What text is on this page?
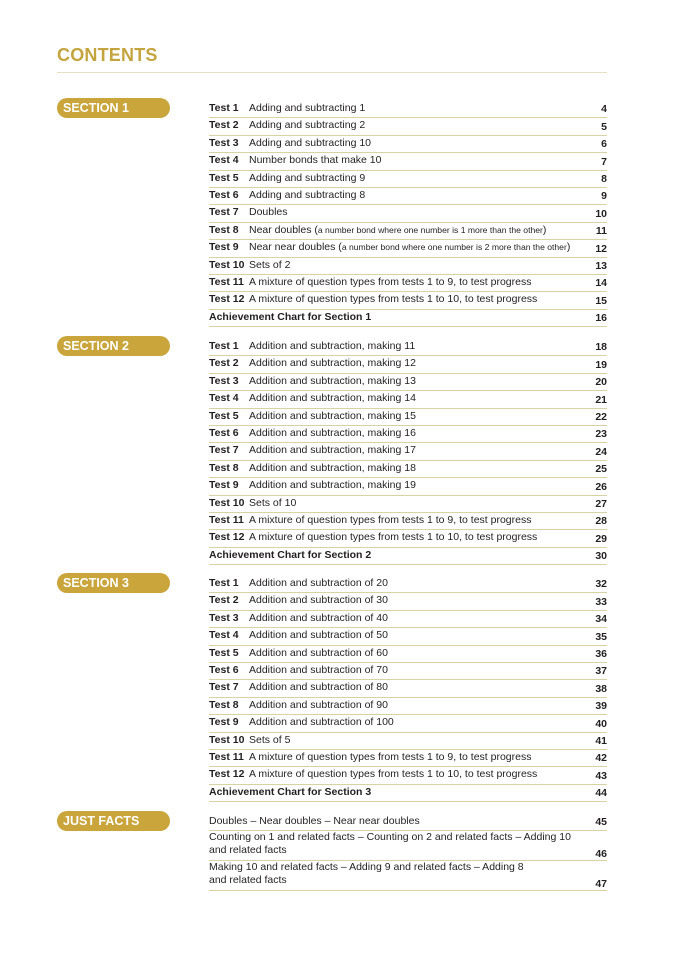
CONTENTS
SECTION 1	Test 1 Adding and subtracting 1	4
Test 2 Adding and subtracting 2	5
Test 3 Adding and subtracting 10	6
Test 4 Number bonds that make 10	7
Test 5 Adding and subtracting 9	8
Test 6 Adding and subtracting 8	9
Test 7 Doubles	10
Test 8 Near doubles (a number bond where one number is 1 more than the other)	11
Test 9 Near near doubles (a number bond where one number is 2 more than the other)	12
Test 10 Sets of 2	13
Test 11 A mixture of question types from tests 1 to 9, to test progress	14
Test 12 A mixture of question types from tests 1 to 10, to test progress	15
Achievement Chart for Section 1	16
SECTION 2	Test 1 Addition and subtraction, making 11	18
Test 2 Addition and subtraction, making 12	19
Test 3 Addition and subtraction, making 13	20
Test 4 Addition and subtraction, making 14	21
Test 5 Addition and subtraction, making 15	22
Test 6 Addition and subtraction, making 16	23
Test 7 Addition and subtraction, making 17	24
Test 8 Addition and subtraction, making 18	25
Test 9 Addition and subtraction, making 19	26
Test 10 Sets of 10	27
Test 11 A mixture of question types from tests 1 to 9, to test progress	28
Test 12 A mixture of question types from tests 1 to 10, to test progress	29
Achievement Chart for Section 2	30
SECTION 3	Test 1 Addition and subtraction of 20	32
Test 2 Addition and subtraction of 30	33
Test 3 Addition and subtraction of 40	34
Test 4 Addition and subtraction of 50	35
Test 5 Addition and subtraction of 60	36
Test 6 Addition and subtraction of 70	37
Test 7 Addition and subtraction of 80	38
Test 8 Addition and subtraction of 90	39
Test 9 Addition and subtraction of 100	40
Test 10 Sets of 5	41
Test 11 A mixture of question types from tests 1 to 9, to test progress	42
Test 12 A mixture of question types from tests 1 to 10, to test progress	43
Achievement Chart for Section 3	44
JUST FACTS	Doubles – Near doubles – Near near doubles	45
Counting on 1 and related facts – Counting on 2 and related facts – Adding 10
and related facts	46
Making 10 and related facts – Adding 9 and related facts – Adding 8
and related facts	47
